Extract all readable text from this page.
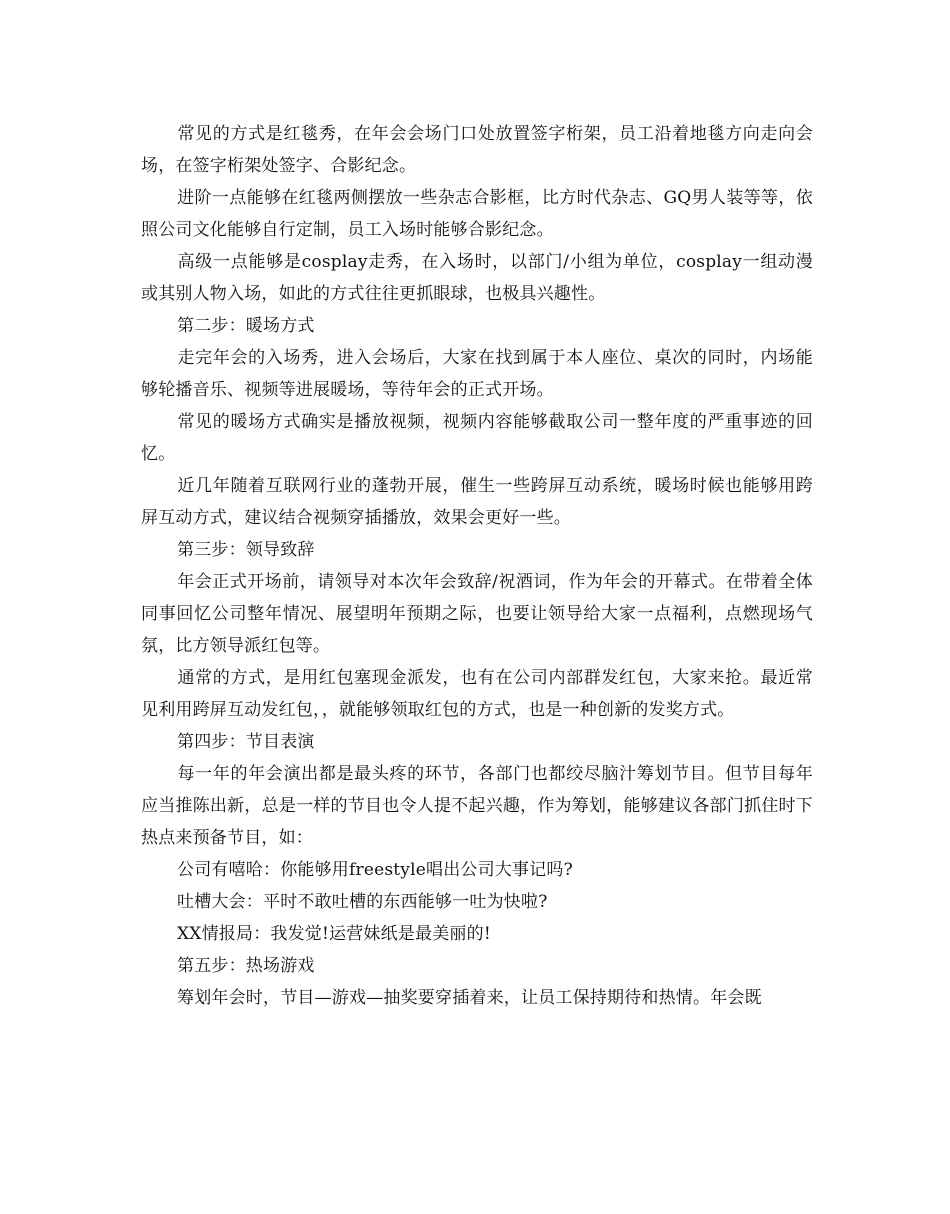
常见的方式是红毯秀，在年会会场门口处放置签字桁架，员工沿着地毯方向走向会场，在签字桁架处签字、合影纪念。

进阶一点能够在红毯两侧摆放一些杂志合影框，比方时代杂志、GQ男人装等等，依照公司文化能够自行定制，员工入场时能够合影纪念。

高级一点能够是cosplay走秀，在入场时，以部门/小组为单位，cosplay一组动漫或其别人物入场，如此的方式往往更抓眼球，也极具兴趣性。

第二步：暖场方式

走完年会的入场秀，进入会场后，大家在找到属于本人座位、桌次的同时，内场能够轮播音乐、视频等进展暖场，等待年会的正式开场。

常见的暖场方式确实是播放视频，视频内容能够截取公司一整年度的严重事迹的回忆。

近几年随着互联网行业的蓬勃开展，催生一些跨屏互动系统，暖场时候也能够用跨屏互动方式，建议结合视频穿插播放，效果会更好一些。

第三步：领导致辞

年会正式开场前，请领导对本次年会致辞/祝酒词，作为年会的开幕式。在带着全体同事回忆公司整年情况、展望明年预期之际，也要让领导给大家一点福利，点燃现场气氛，比方领导派红包等。

通常的方式，是用红包塞现金派发，也有在公司内部群发红包，大家来抢。最近常见利用跨屏互动发红包，，就能够领取红包的方式，也是一种创新的发奖方式。

第四步：节目表演

每一年的年会演出都是最头疼的环节，各部门也都绞尽脑汁筹划节目。但节目每年应当推陈出新，总是一样的节目也令人提不起兴趣，作为筹划，能够建议各部门抓住时下热点来预备节目，如：

公司有嘻哈：你能够用freestyle唱出公司大事记吗?

吐槽大会：平时不敢吐槽的东西能够一吐为快啦?

XX情报局：我发觉!运营妹纸是最美丽的!

第五步：热场游戏

筹划年会时，节目—游戏—抽奖要穿插着来，让员工保持期待和热情。年会既
